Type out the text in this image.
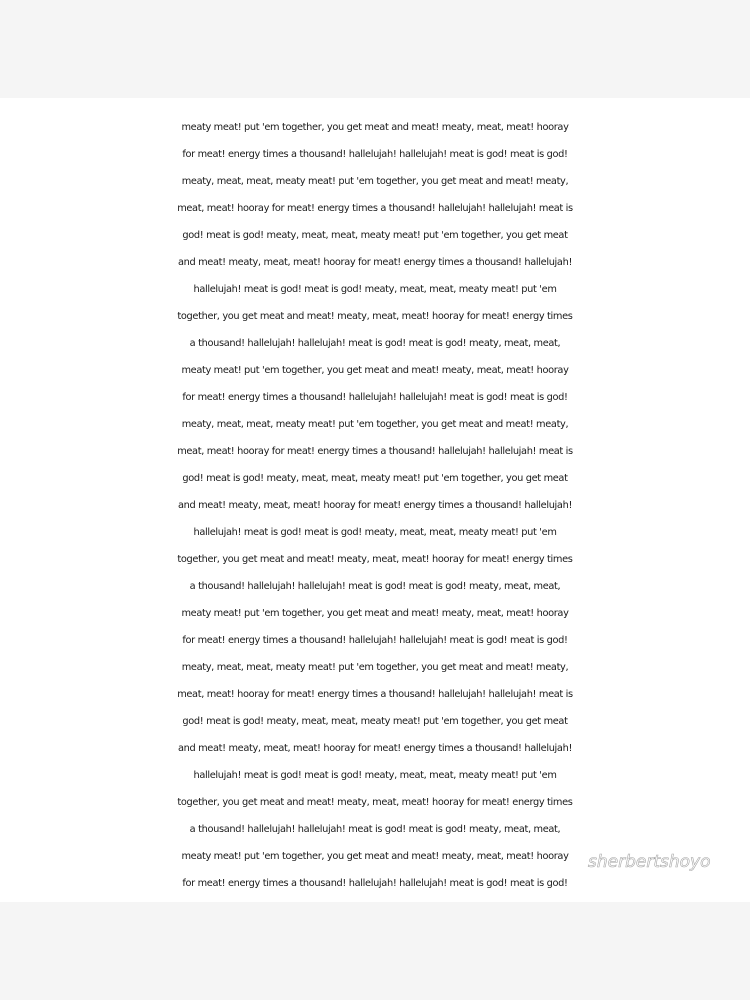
meaty meat! put 'em together, you get meat and meat! meaty, meat, meat! hooray
for meat! energy times a thousand! hallelujah! hallelujah! meat is god! meat is god!
meaty, meat, meat, meaty meat! put 'em together, you get meat and meat! meaty,
meat, meat! hooray for meat! energy times a thousand! hallelujah! hallelujah! meat is
god! meat is god! meaty, meat, meat, meaty meat! put 'em together, you get meat
and meat! meaty, meat, meat! hooray for meat! energy times a thousand! hallelujah!
hallelujah! meat is god! meat is god! meaty, meat, meat, meaty meat! put 'em
together, you get meat and meat! meaty, meat, meat! hooray for meat! energy times
a thousand! hallelujah! hallelujah! meat is god! meat is god! meaty, meat, meat,
meaty meat! put 'em together, you get meat and meat! meaty, meat, meat! hooray
for meat! energy times a thousand! hallelujah! hallelujah! meat is god! meat is god!
meaty, meat, meat, meaty meat! put 'em together, you get meat and meat! meaty,
meat, meat! hooray for meat! energy times a thousand! hallelujah! hallelujah! meat is
god! meat is god! meaty, meat, meat, meaty meat! put 'em together, you get meat
and meat! meaty, meat, meat! hooray for meat! energy times a thousand! hallelujah!
hallelujah! meat is god! meat is god! meaty, meat, meat, meaty meat! put 'em
together, you get meat and meat! meaty, meat, meat! hooray for meat! energy times
a thousand! hallelujah! hallelujah! meat is god! meat is god! meaty, meat, meat,
meaty meat! put 'em together, you get meat and meat! meaty, meat, meat! hooray
for meat! energy times a thousand! hallelujah! hallelujah! meat is god! meat is god!
meaty, meat, meat, meaty meat! put 'em together, you get meat and meat! meaty,
meat, meat! hooray for meat! energy times a thousand! hallelujah! hallelujah! meat is
god! meat is god! meaty, meat, meat, meaty meat! put 'em together, you get meat
and meat! meaty, meat, meat! hooray for meat! energy times a thousand! hallelujah!
hallelujah! meat is god! meat is god! meaty, meat, meat, meaty meat! put 'em
together, you get meat and meat! meaty, meat, meat! hooray for meat! energy times
a thousand! hallelujah! hallelujah! meat is god! meat is god! meaty, meat, meat,
meaty meat! put 'em together, you get meat and meat! meaty, meat, meat! hooray
for meat! energy times a thousand! hallelujah! hallelujah! meat is god! meat is god!
sherbertshoyo
